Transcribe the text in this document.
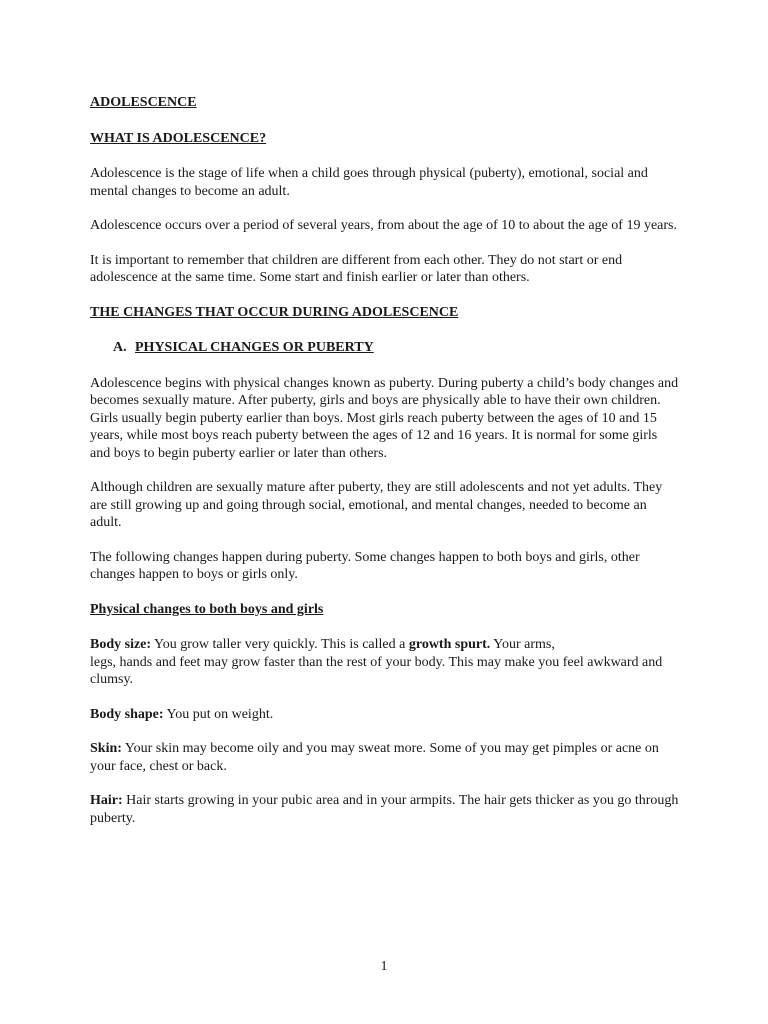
ADOLESCENCE
WHAT IS ADOLESCENCE?

Adolescence is the stage of life when a child goes through physical (puberty), emotional, social and mental changes to become an adult.

Adolescence occurs over a period of several years, from about the age of 10 to about the age of 19 years.

It is important to remember that children are different from each other. They do not start or end adolescence at the same time. Some start and finish earlier or later than others.

THE CHANGES THAT OCCUR DURING ADOLESCENCE
A. PHYSICAL CHANGES OR PUBERTY

Adolescence begins with physical changes known as puberty. During puberty a child’s body changes and becomes sexually mature. After puberty, girls and boys are physically able to have their own children. Girls usually begin puberty earlier than boys. Most girls reach puberty between the ages of 10 and 15 years, while most boys reach puberty between the ages of 12 and 16 years. It is normal for some girls and boys to begin puberty earlier or later than others.

Although children are sexually mature after puberty, they are still adolescents and not yet adults. They are still growing up and going through social, emotional, and mental changes, needed to become an adult.

The following changes happen during puberty. Some changes happen to both boys and girls, other changes happen to boys or girls only.

Physical changes to both boys and girls

Body size: You grow taller very quickly. This is called a growth spurt. Your arms,
legs, hands and feet may grow faster than the rest of your body. This may make you feel awkward and clumsy.

Body shape: You put on weight.

Skin: Your skin may become oily and you may sweat more. Some of you may get pimples or acne on your face, chest or back.

Hair: Hair starts growing in your pubic area and in your armpits. The hair gets thicker as you go through puberty.

1
